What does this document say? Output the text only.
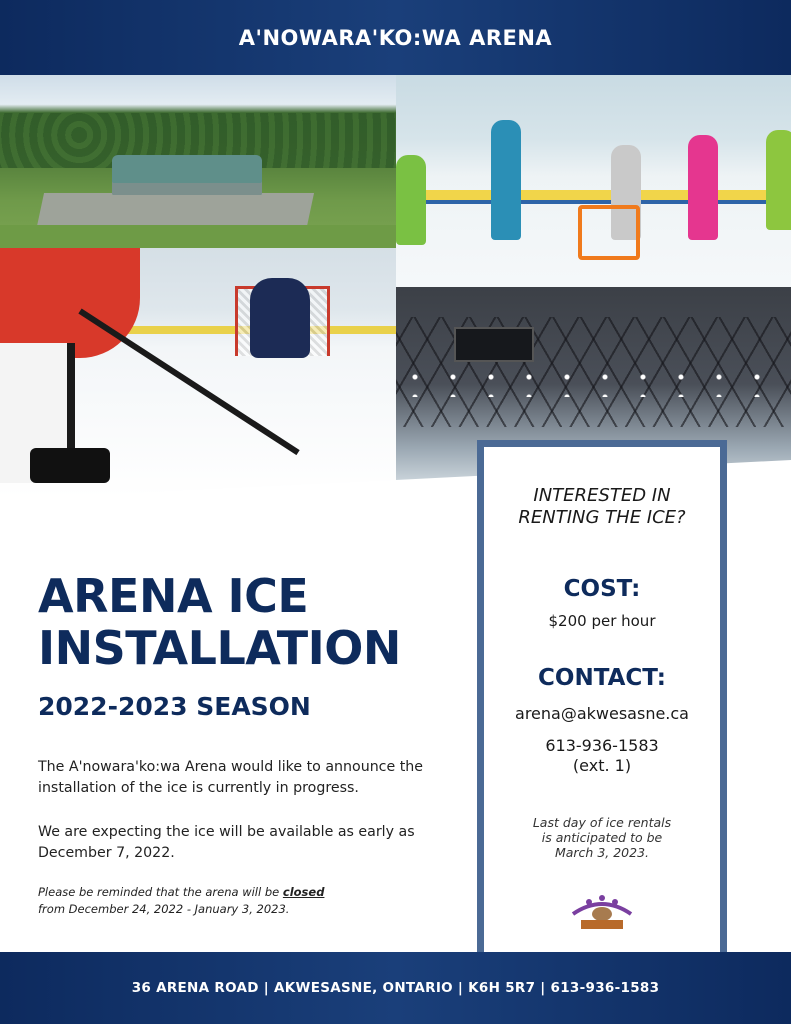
A'NOWARA'KO:WA ARENA
INTERESTED IN
RENTING THE ICE?
COST:
$200 per hour
CONTACT:
arena@akwesasne.ca
613-936-1583
(ext. 1)
Last day of ice rentals
is anticipated to be
March 3, 2023.
ARENA ICE
INSTALLATION
2022-2023 SEASON

The A'nowara'ko:wa Arena would like to announce the installation of the ice is currently in progress.

We are expecting the ice will be available as early as December 7, 2022.

Please be reminded that the arena will be closed
from December 24, 2022 - January 3, 2023.

36 ARENA ROAD | AKWESASNE, ONTARIO | K6H 5R7 | 613-936-1583
